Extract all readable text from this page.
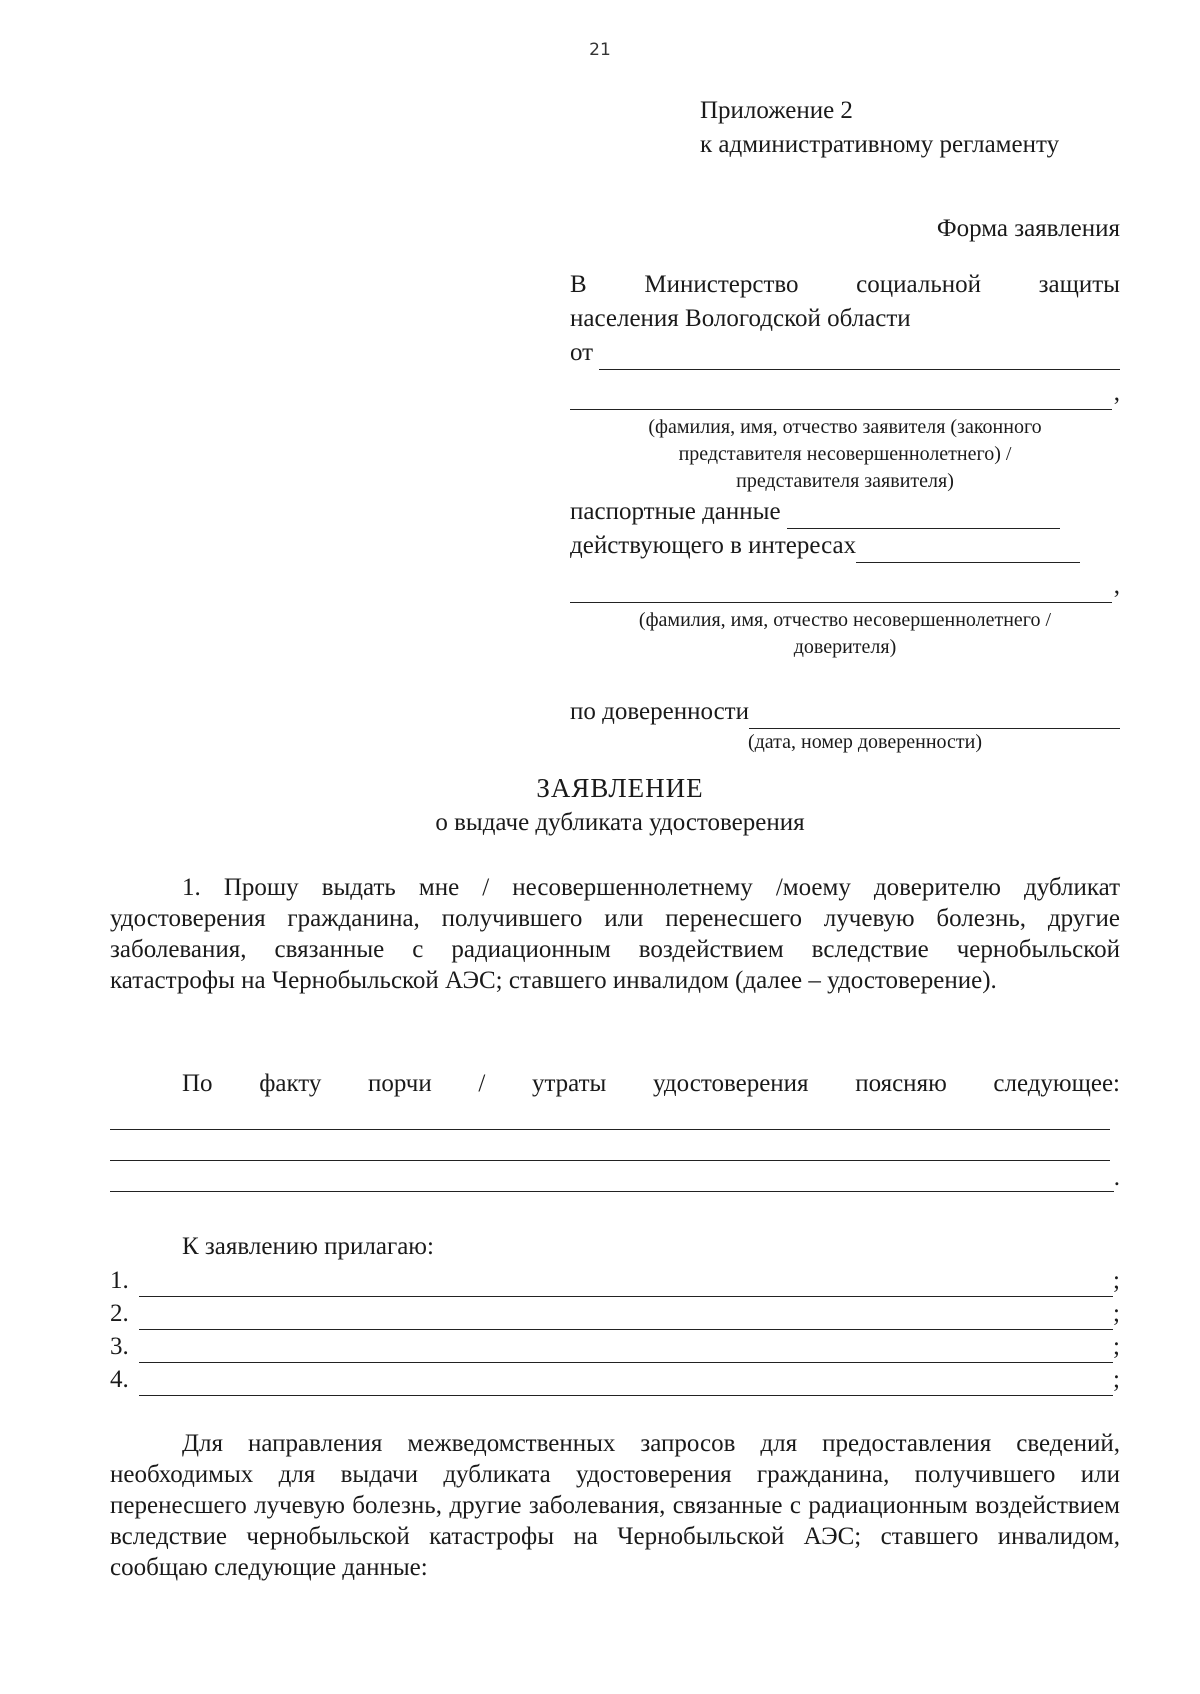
21
Приложение 2
к административному регламенту
Форма заявления
В Министерство социальной защиты
населения Вологодской области
от
,
(фамилия, имя, отчество заявителя (законного
представителя несовершеннолетнего) /
представителя заявителя)
паспортные данные
действующего в интересах
,
(фамилия, имя, отчество несовершеннолетнего /
доверителя)
по доверенности
(дата, номер доверенности)
ЗАЯВЛЕНИЕ
о выдаче дубликата удостоверения
1. Прошу выдать мне / несовершеннолетнему /моему доверителю дубликат удостоверения гражданина, получившего или перенесшего лучевую болезнь, другие заболевания, связанные с радиационным воздействием вследствие чернобыльской катастрофы на Чернобыльской АЭС; ставшего инвалидом (далее – удостоверение).
По факту порчи / утраты удостоверения поясняю следующее:
.
К заявлению прилагаю:
1.	;
2.	;
3.	;
4.	;
Для направления межведомственных запросов для предоставления сведений, необходимых для выдачи дубликата удостоверения гражданина, получившего или перенесшего лучевую болезнь, другие заболевания, связанные с радиационным воздействием вследствие чернобыльской катастрофы на Чернобыльской АЭС; ставшего инвалидом, сообщаю следующие данные:
